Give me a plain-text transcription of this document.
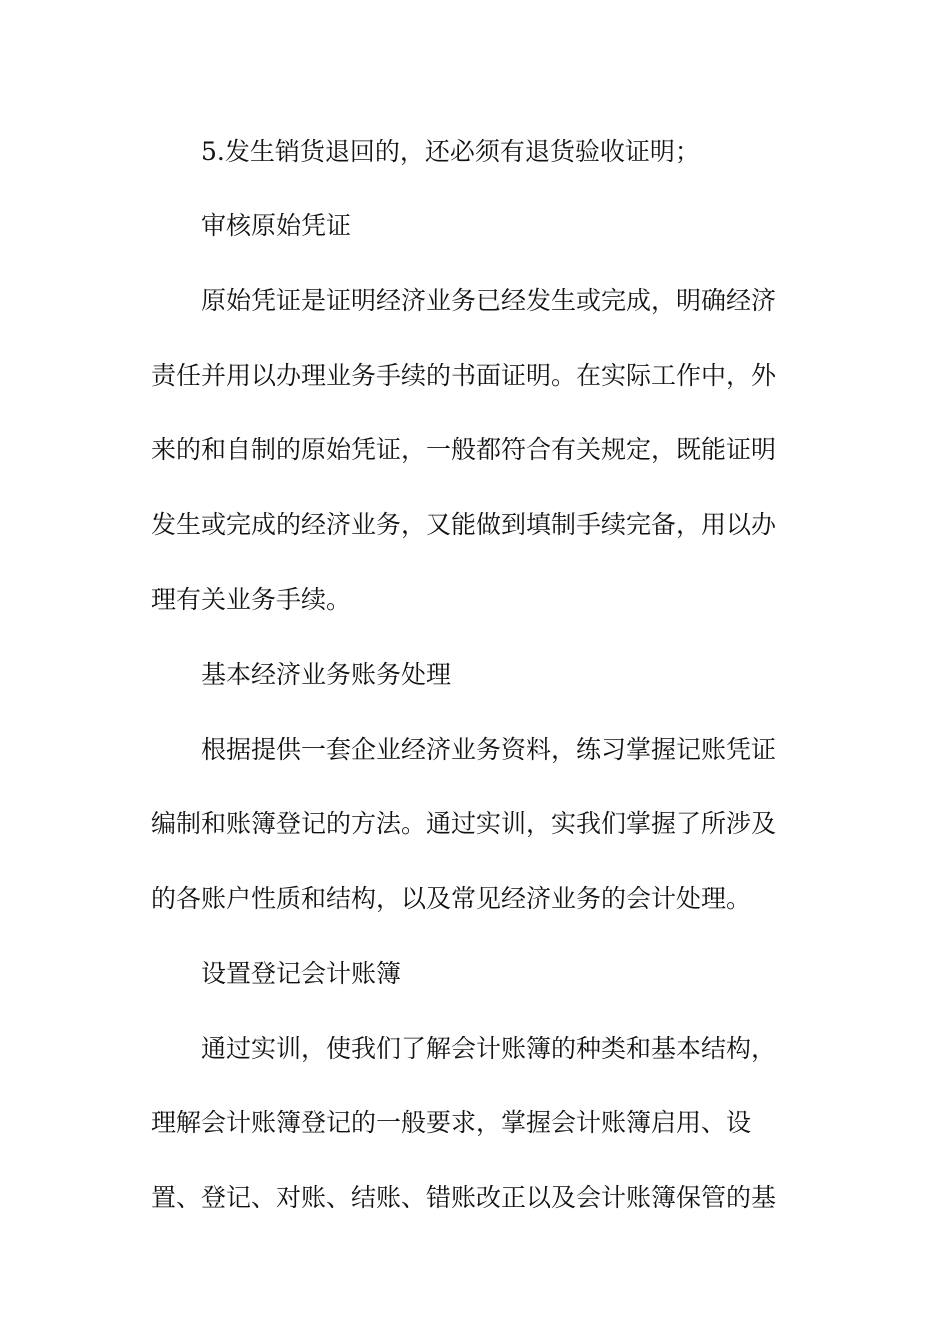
5.发生销货退回的，还必须有退货验收证明；
审核原始凭证
原始凭证是证明经济业务已经发生或完成，明确经济
责任并用以办理业务手续的书面证明。在实际工作中，外
来的和自制的原始凭证，一般都符合有关规定，既能证明
发生或完成的经济业务，又能做到填制手续完备，用以办
理有关业务手续。
基本经济业务账务处理
根据提供一套企业经济业务资料，练习掌握记账凭证
编制和账簿登记的方法。通过实训，实我们掌握了所涉及
的各账户性质和结构，以及常见经济业务的会计处理。
设置登记会计账簿
通过实训，使我们了解会计账簿的种类和基本结构，
理解会计账簿登记的一般要求，掌握会计账簿启用、设
置、登记、对账、结账、错账改正以及会计账簿保管的基
